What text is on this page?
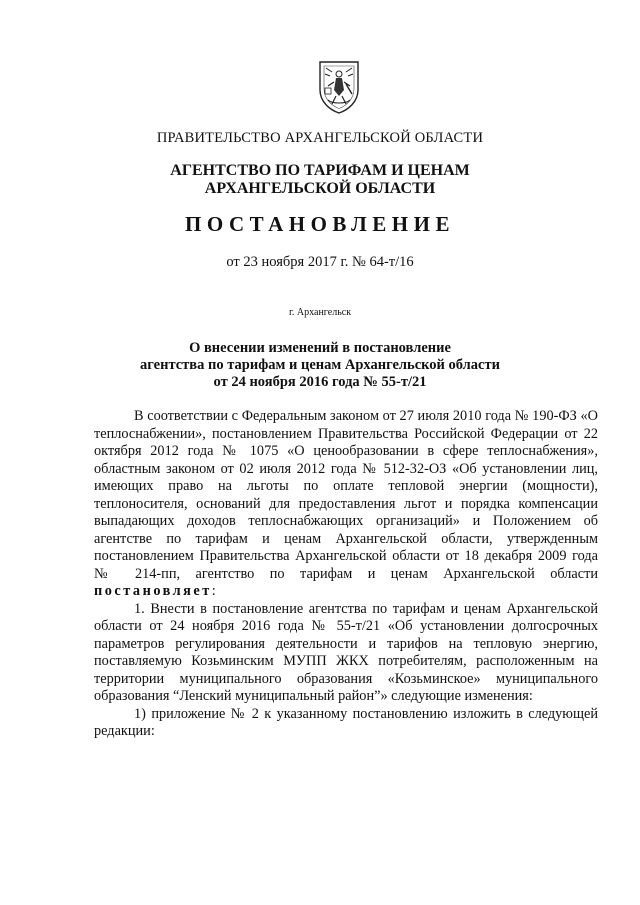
ПРАВИТЕЛЬСТВО АРХАНГЕЛЬСКОЙ ОБЛАСТИ
АГЕНТСТВО ПО ТАРИФАМ И ЦЕНАМ
АРХАНГЕЛЬСКОЙ ОБЛАСТИ
ПОСТАНОВЛЕНИЕ
от 23 ноября 2017 г. № 64-т/16
г. Архангельск
О внесении изменений в постановление
агентства по тарифам и ценам Архангельской области
от 24 ноября 2016 года № 55-т/21

В соответствии с Федеральным законом от 27 июля 2010 года № 190-ФЗ «О теплоснабжении», постановлением Правительства Российской Федерации от 22 октября 2012 года № 1075 «О ценообразовании в сфере теплоснабжения», областным законом от 02 июля 2012 года № 512-32-ОЗ «Об установлении лиц, имеющих право на льготы по оплате тепловой энергии (мощности), теплоносителя, оснований для предоставления льгот и порядка компенсации выпадающих доходов теплоснабжающих организаций» и Положением об агентстве по тарифам и ценам Архангельской области, утвержденным постановлением Правительства Архангельской области от 18 декабря 2009 года № 214-пп, агентство по тарифам и ценам Архангельской области постановляет:

1. Внести в постановление агентства по тарифам и ценам Архангельской области от 24 ноября 2016 года № 55-т/21 «Об установлении долгосрочных параметров регулирования деятельности и тарифов на тепловую энергию, поставляемую Козьминским МУПП ЖКХ потребителям, расположенным на территории муниципального образования «Козьминское» муниципального образования “Ленский муниципальный район”» следующие изменения:

1) приложение № 2 к указанному постановлению изложить в следующей редакции:
